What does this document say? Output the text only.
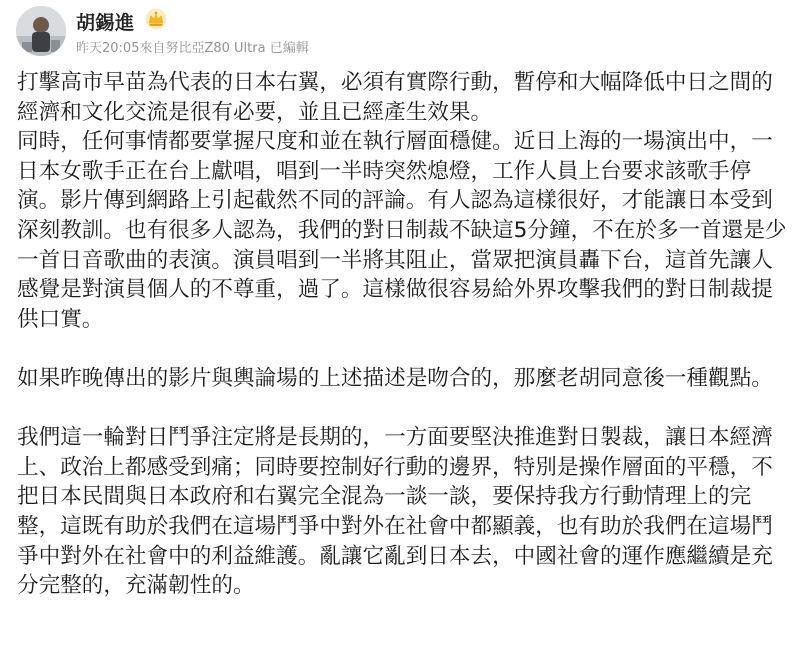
胡錫進
昨天20:05來自努比亞Z80 Ultra 已編輯

打擊高市早苗為代表的日本右翼，必須有實際行動，暫停和大幅降低中日之間的

經濟和文化交流是很有必要，並且已經產生效果。

同時，任何事情都要掌握尺度和並在執行層面穩健。近日上海的一場演出中，一

日本女歌手正在台上獻唱，唱到一半時突然熄燈，工作人員上台要求該歌手停

演。影片傳到網路上引起截然不同的評論。有人認為這樣很好，才能讓日本受到

深刻教訓。也有很多人認為，我們的對日制裁不缺這5分鐘，不在於多一首還是少

一首日音歌曲的表演。演員唱到一半將其阻止，當眾把演員轟下台，這首先讓人

感覺是對演員個人的不尊重，過了。這樣做很容易給外界攻擊我們的對日制裁提

供口實。

如果昨晚傳出的影片與輿論場的上述描述是吻合的，那麼老胡同意後一種觀點。

我們這一輪對日鬥爭注定將是長期的，一方面要堅決推進對日製裁，讓日本經濟

上、政治上都感受到痛；同時要控制好行動的邊界，特別是操作層面的平穩，不

把日本民間與日本政府和右翼完全混為一談一談，要保持我方行動情理上的完

整，這既有助於我們在這場鬥爭中對外在社會中都顯義，也有助於我們在這場鬥

爭中對外在社會中的利益維護。亂讓它亂到日本去，中國社會的運作應繼續是充

分完整的，充滿韌性的。
